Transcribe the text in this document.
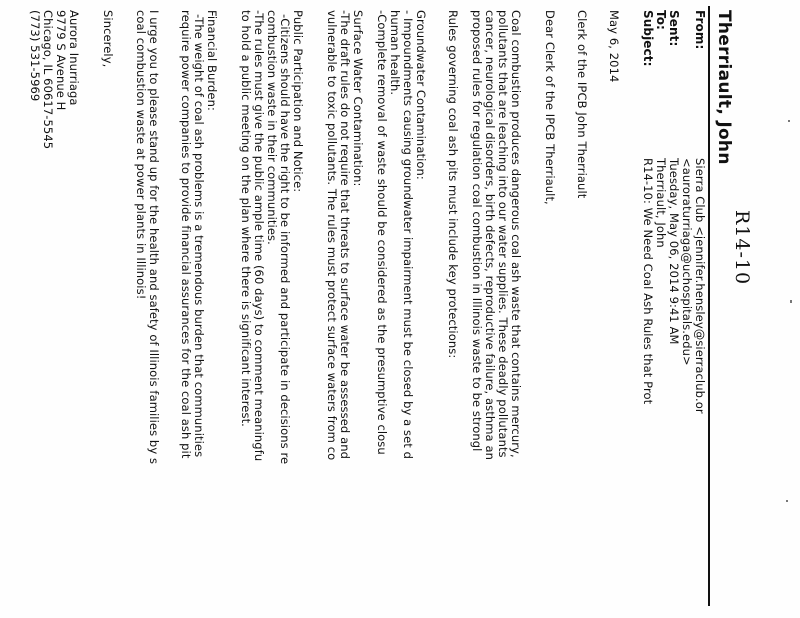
R14-10
Therriault, John
From:
Sierra Club <jennifer.hensley@sierraclub.or
<auroraturriaga@uchospitals.edu>
Sent:
Tuesday, May 06, 2014 9:41 AM
To:
Therriault, John
Subject:
R14-10: We Need Coal Ash Rules that Prot
May 6, 2014
Clerk of the IPCB John Therriault
Dear Clerk of the IPCB Therriault,
Coal combustion produces dangerous coal ash waste that contains mercury,
pollutants that are leaching into our water supplies. These deadly pollutants
cancer, neurological disorders, birth defects, reproductive failure, asthma an
proposed rules for regulation coal combustion in Illinois waste to be strongl
Rules governing coal ash pits must include key protections:
Groundwater Contamination:
- Impoundments causing groundwater impairment must be closed by a set d
human health.
-Complete removal of waste should be considered as the presumptive closu
Surface Water Contamination:
-The draft rules do not require that threats to surface water be assessed and
vulnerable to toxic pollutants. The rules must protect surface waters from co
Public Participation and Notice:
-Citizens should have the right to be informed and participate in decisions re
combustion waste in their communities.
-The rules must give the public ample time (60 days) to comment meaningfu
to hold a public meeting on the plan where there is significant interest.
Financial Burden:
-The weight of coal ash problems is a tremendous burden that communities
require power companies to provide financial assurances for the coal ash pit
I urge you to please stand up for the health and safety of Illinois families by s
coal combustion waste at power plants in Illinois!
Sincerely,
Aurora Inurriaga
9779 S Avenue H
Chicago, IL 60617-5545
(773) 531-5969
